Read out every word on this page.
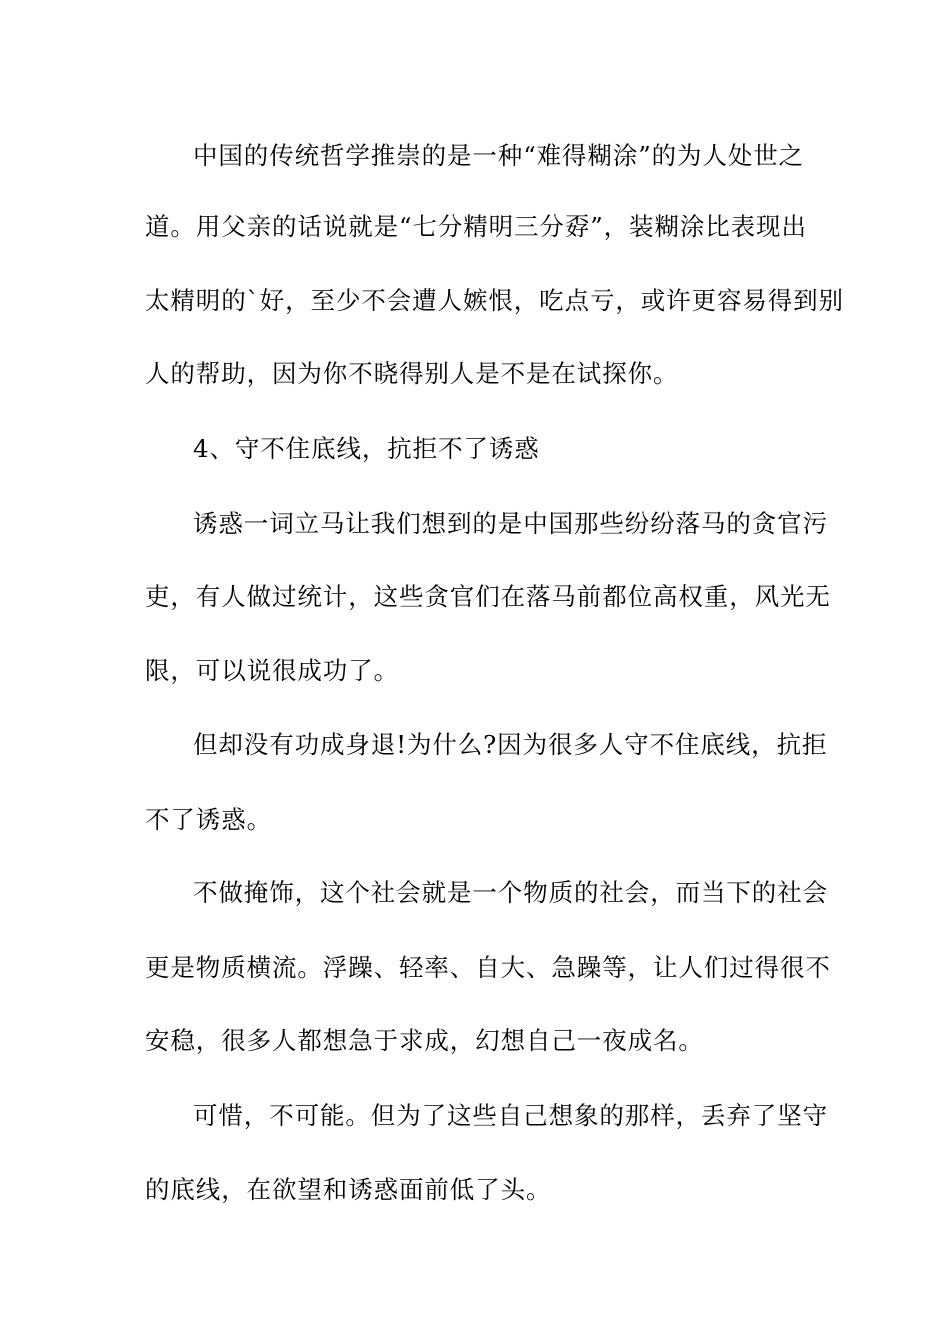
中国的传统哲学推崇的是一种“难得糊涂”的为人处世之

道。用父亲的话说就是“七分精明三分孬”，装糊涂比表现出

太精明的`好，至少不会遭人嫉恨，吃点亏，或许更容易得到别

人的帮助，因为你不晓得别人是不是在试探你。

4、守不住底线，抗拒不了诱惑

诱惑一词立马让我们想到的是中国那些纷纷落马的贪官污

吏，有人做过统计，这些贪官们在落马前都位高权重，风光无

限，可以说很成功了。

但却没有功成身退!为什么?因为很多人守不住底线，抗拒

不了诱惑。

不做掩饰，这个社会就是一个物质的社会，而当下的社会

更是物质横流。浮躁、轻率、自大、急躁等，让人们过得很不

安稳，很多人都想急于求成，幻想自己一夜成名。

可惜，不可能。但为了这些自己想象的那样，丢弃了坚守

的底线，在欲望和诱惑面前低了头。
